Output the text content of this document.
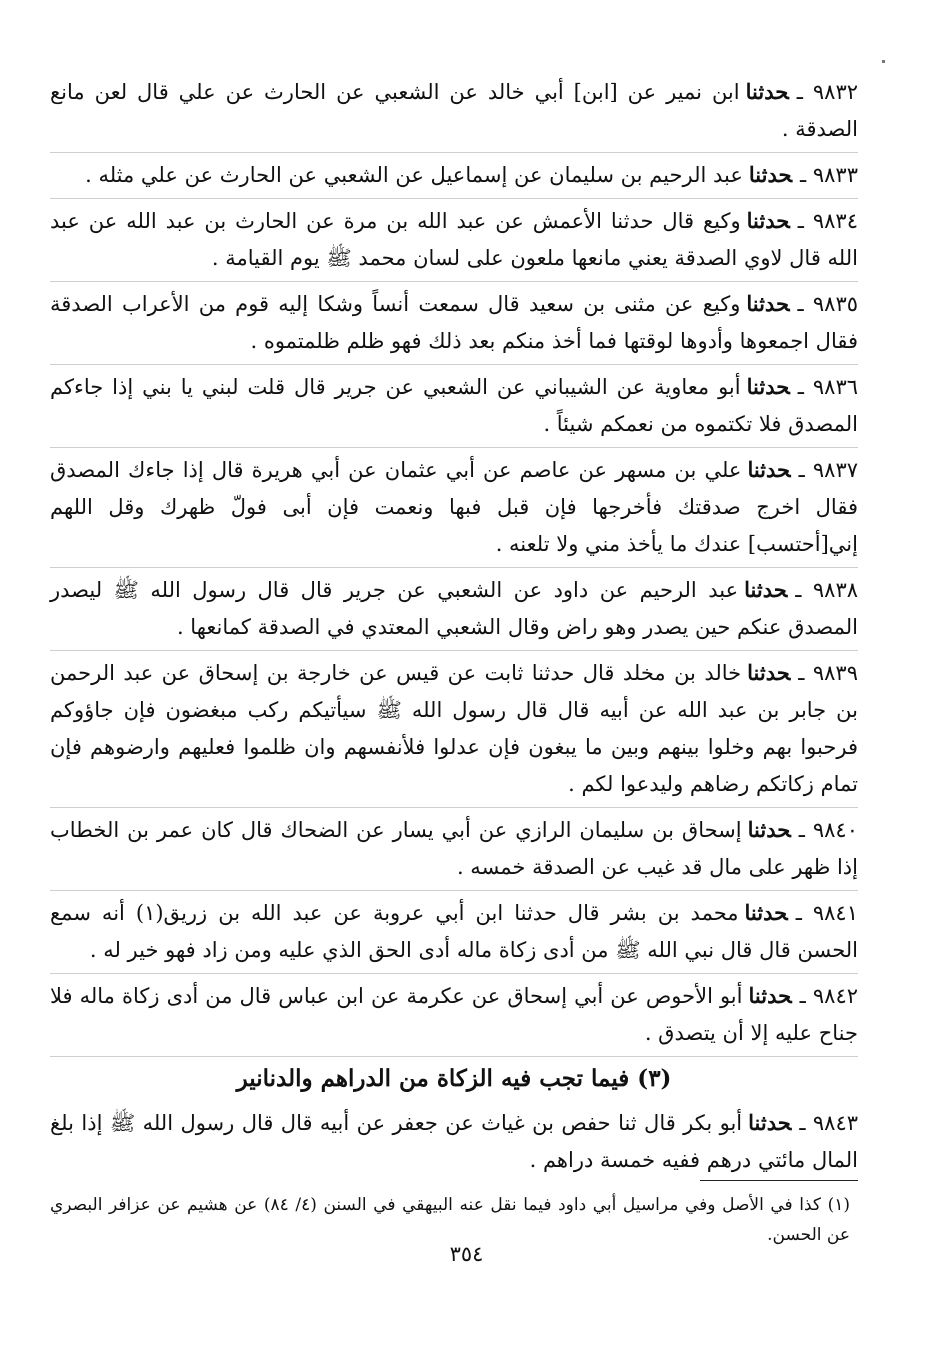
٩٨٣٢ ـحدثناابن نمير عن [ابن] أبي خالد عن الشعبي عن الحارث عن علي قال لعن مانع الصدقة .
٩٨٣٣ ـحدثناعبد الرحيم بن سليمان عن إسماعيل عن الشعبي عن الحارث عن علي مثله .
٩٨٣٤ ـحدثناوكيع قال حدثنا الأعمش عن عبد الله بن مرة عن الحارث بن عبد الله عن عبد الله قال لاوي الصدقة يعني مانعها ملعون على لسان محمد ﷺ يوم القيامة .
٩٨٣٥ ـحدثناوكيع عن مثنى بن سعيد قال سمعت أنساً وشكا إليه قوم من الأعراب الصدقة فقال اجمعوها وأدوها لوقتها فما أخذ منكم بعد ذلك فهو ظلم ظلمتموه .
٩٨٣٦ ـحدثناأبو معاوية عن الشيباني عن الشعبي عن جرير قال قلت لبني يا بني إذا جاءكم المصدق فلا تكتموه من نعمكم شيئاً .
٩٨٣٧ ـحدثناعلي بن مسهر عن عاصم عن أبي عثمان عن أبي هريرة قال إذا جاءك المصدق فقال اخرج صدقتك فأخرجها فإن قبل فبها ونعمت فإن أبى فولّ ظهرك وقل اللهم إني[أحتسب] عندك ما يأخذ مني ولا تلعنه .
٩٨٣٨ ـحدثناعبد الرحيم عن داود عن الشعبي عن جرير قال قال رسول الله ﷺ ليصدر المصدق عنكم حين يصدر وهو راض وقال الشعبي المعتدي في الصدقة كمانعها .
٩٨٣٩ ـحدثناخالد بن مخلد قال حدثنا ثابت عن قيس عن خارجة بن إسحاق عن عبد الرحمن بن جابر بن عبد الله عن أبيه قال قال رسول الله ﷺ سيأتيكم ركب مبغضون فإن جاؤوكم فرحبوا بهم وخلوا بينهم وبين ما يبغون فإن عدلوا فلأنفسهم وان ظلموا فعليهم وارضوهم فإن تمام زكاتكم رضاهم وليدعوا لكم .
٩٨٤٠ ـحدثناإسحاق بن سليمان الرازي عن أبي يسار عن الضحاك قال كان عمر بن الخطاب إذا ظهر على مال قد غيب عن الصدقة خمسه .
٩٨٤١ ـحدثنامحمد بن بشر قال حدثنا ابن أبي عروبة عن عبد الله بن زريق(١) أنه سمع الحسن قال قال نبي الله ﷺ من أدى زكاة ماله أدى الحق الذي عليه ومن زاد فهو خير له .
٩٨٤٢ ـحدثناأبو الأحوص عن أبي إسحاق عن عكرمة عن ابن عباس قال من أدى زكاة ماله فلا جناح عليه إلا أن يتصدق .
(٣) فيما تجب فيه الزكاة من الدراهم والدنانير
٩٨٤٣ ـحدثناأبو بكر قال ثنا حفص بن غياث عن جعفر عن أبيه قال قال رسول الله ﷺ إذا بلغ المال مائتي درهم ففيه خمسة دراهم .
(١) كذا في الأصل وفي مراسيل أبي داود فيما نقل عنه البيهقي في السنن (٤/ ٨٤) عن هشيم عن عزافر البصري عن الحسن.
٣٥٤
